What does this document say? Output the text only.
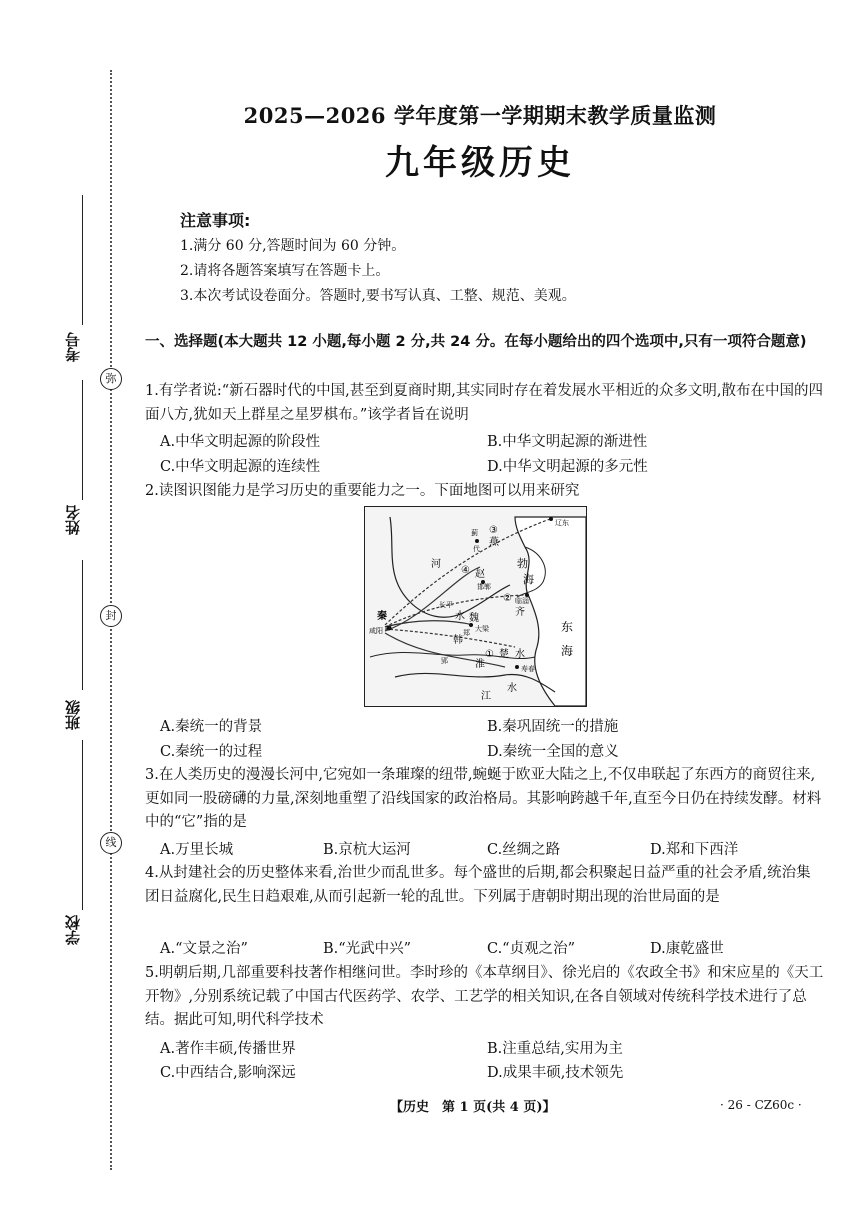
考号
姓名
班级
学校
弥
封
线
2025—2026 学年度第一学期期末教学质量监测
九年级历史
注意事项:
1.满分 60 分,答题时间为 60 分钟。
2.请将各题答案填写在答题卡上。
3.本次考试设卷面分。答题时,要书写认真、工整、规范、美观。
一、选择题(本大题共 12 小题,每小题 2 分,共 24 分。在每小题给出的四个选项中,只有一项符合题意)
1.有学者说:“新石器时代的中国,甚至到夏商时期,其实同时存在着发展水平相近的众多文明,散布在中国的四面八方,犹如天上群星之星罗棋布。”该学者旨在说明
A.中华文明起源的阶段性	B.中华文明起源的渐进性
C.中华文明起源的连续性	D.中华文明起源的多元性
2.读图识图能力是学习历史的重要能力之一。下面地图可以用来研究
秦
咸阳
河
④ 赵
邯郸
长平
水 魏
大梁
韩
郑
③
燕
蓟
代
辽东
勃
海
临淄
②
齐
① 楚
郢
寿春
淮
水
江
水
东
海
A.秦统一的背景	B.秦巩固统一的措施
C.秦统一的过程	D.秦统一全国的意义
3.在人类历史的漫漫长河中,它宛如一条璀璨的纽带,蜿蜒于欧亚大陆之上,不仅串联起了东西方的商贸往来,更如同一股磅礴的力量,深刻地重塑了沿线国家的政治格局。其影响跨越千年,直至今日仍在持续发酵。材料中的“它”指的是
A.万里长城	B.京杭大运河	C.丝绸之路	D.郑和下西洋
4.从封建社会的历史整体来看,治世少而乱世多。每个盛世的后期,都会积聚起日益严重的社会矛盾,统治集团日益腐化,民生日趋艰难,从而引起新一轮的乱世。下列属于唐朝时期出现的治世局面的是
A.“文景之治”	B.“光武中兴”	C.“贞观之治”	D.康乾盛世
5.明朝后期,几部重要科技著作相继问世。李时珍的《本草纲目》、徐光启的《农政全书》和宋应星的《天工开物》,分别系统记载了中国古代医药学、农学、工艺学的相关知识,在各自领域对传统科学技术进行了总结。据此可知,明代科学技术
A.著作丰硕,传播世界	B.注重总结,实用为主
C.中西结合,影响深远	D.成果丰硕,技术领先
【历史　第 1 页(共 4 页)】	· 26 - CZ60c ·
